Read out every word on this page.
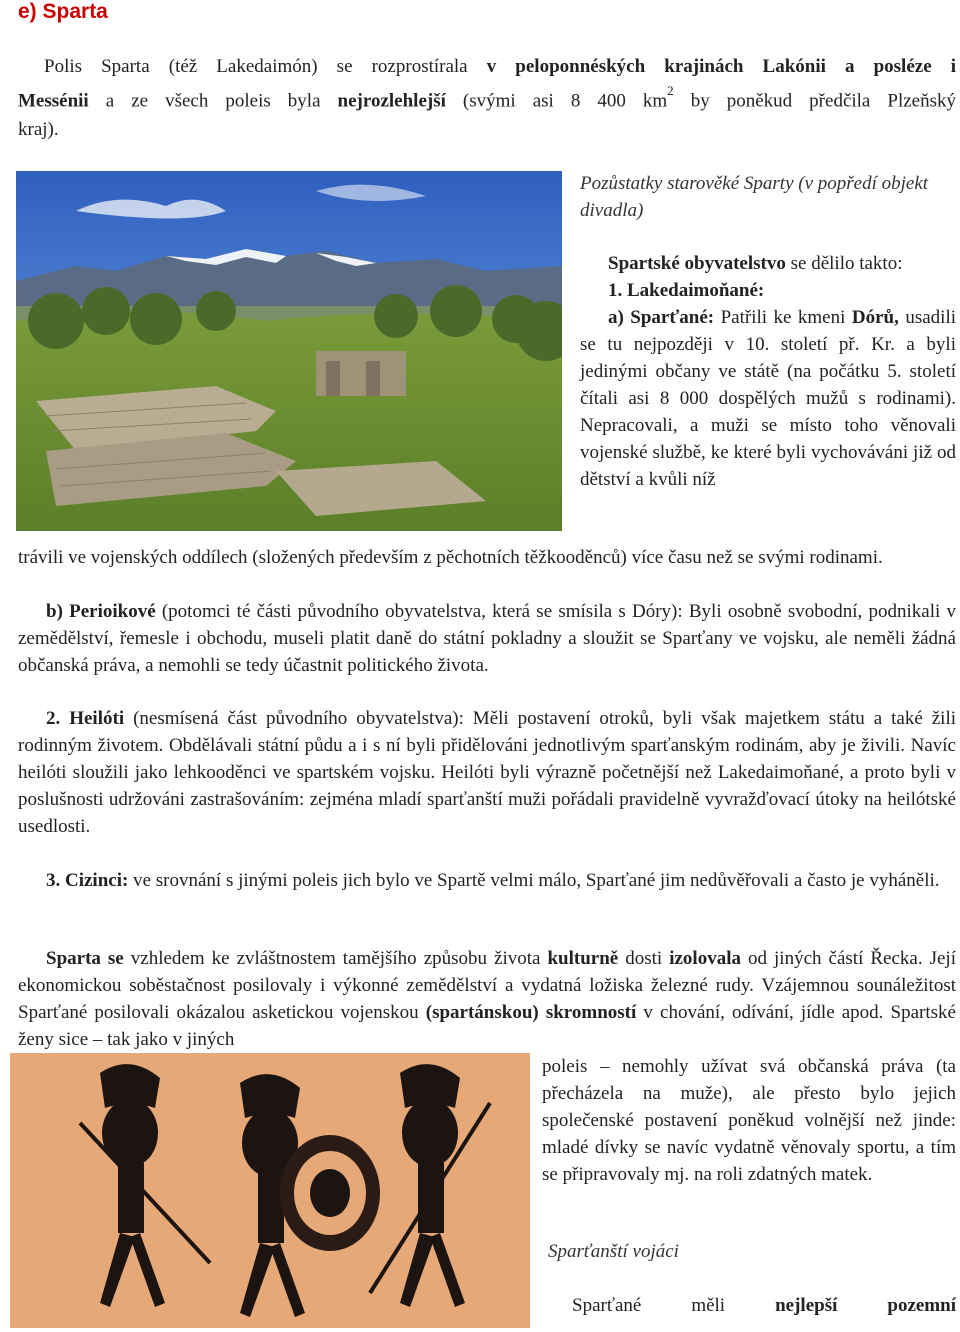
e) Sparta

Polis Sparta (též Lakedaimón) se rozprostírala v peloponnéských krajinách Lakónii a posléze i

Messénii a ze všech poleis byla nejrozlehlejší (svými asi 8 400 $km^2$ by poněkud předčila Plzeňský

kraj).

Pozůstatky starověké Sparty (v popředí objekt divadla)
Spartské obyvatelstvo se dělilo takto:
1. Lakedaimoňané:
a) Sparťané: Patřili ke kmeni Dórů, usadili se tu nejpozději v 10. století př. Kr. a byli jedinými občany ve státě (na počátku 5. století čítali asi 8 000 dospělých mužů s rodinami). Nepracovali, a muži se místo toho věnovali vojenské službě, ke které byli vychováváni již od dětství a kvůli níž

trávili ve vojenských oddílech (složených především z pěchotních těžkooděnců) více času než se svými rodinami.

b) Perioikové (potomci té části původního obyvatelstva, která se smísila s Dóry): Byli osobně svobodní, podnikali v zemědělství, řemesle i obchodu, museli platit daně do státní pokladny a sloužit se Sparťany ve vojsku, ale neměli žádná občanská práva, a nemohli se tedy účastnit politického života.

2. Heilóti (nesmísená část původního obyvatelstva): Měli postavení otroků, byli však majetkem státu a také žili rodinným životem. Obdělávali státní půdu a i s ní byli přidělováni jednotlivým sparťanským rodinám, aby je živili. Navíc heilóti sloužili jako lehkooděnci ve spartském vojsku. Heilóti byli výrazně početnější než Lakedaimoňané, a proto byli v poslušnosti udržováni zastrašováním: zejména mladí sparťanští muži pořádali pravidelně vyvražďovací útoky na heilótské usedlosti.

3. Cizinci: ve srovnání s jinými poleis jich bylo ve Spartě velmi málo, Sparťané jim nedůvěřovali a často je vyháněli.

Sparta se vzhledem ke zvláštnostem tamějšího způsobu života kulturně dosti izolovala od jiných částí Řecka. Její ekonomickou soběstačnost posilovaly i výkonné zemědělství a vydatná ložiska železné rudy. Vzájemnou sounáležitost Sparťané posilovali okázalou asketickou vojenskou (spartánskou) skromností v chování, odívání, jídle apod. Spartské ženy sice – tak jako v jiných

poleis – nemohly užívat svá občanská práva (ta přecházela na muže), ale přesto bylo jejich společenské postavení poněkud volnější než jinde: mladé dívky se navíc vydatně věnovaly sportu, a tím se připravovaly mj. na roli zdatných matek.

Sparťanští vojáci

Sparťané měli nejlepší pozemní
